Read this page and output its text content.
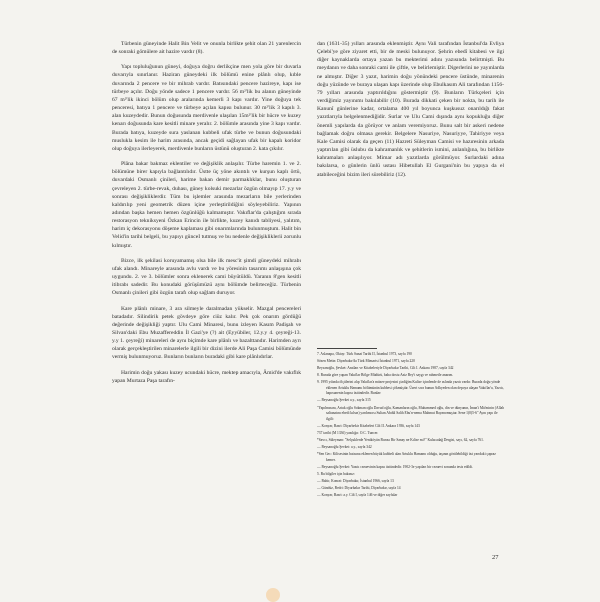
Türbenin güneyinde Halit Bin Velit ve onunla birlikte şehit olan 21 yarenlercin de sonraki gömülere ait hazire vardır (8).

Yapı topluluğunun güneyi, doğuya doğru derlikçine men yola göre bir duvarla duvarıyla sınırlanır. Haziran güneydeki ilk bölümü enine plânlı olup, kıble duvarında 2 pencere ve bir mihrab vardır. Batısındaki pencere hazireye, kapı ise türbeye açılır. Doğu yönde sadece 1 pencere vardır. 56 m²'lik bu alanın güneyinde 67 m²'lik ikinci bölüm olup aralarında kemerli 3 kapı vardır. Yine doğuya tek penceresi, batıya 1 pencere ve türbeye açılan kapısı bulunur. 30 m²'lik 3 kapılı 3. alan kuzeydedir. Bunun doğusunda merdivenle ulaşılan 15m²'lik bir hücre ve kuzey kenarı doğusunda kare kesitli minare yeralır. 2. bölümle arasında yine 3 kapı vardır. Burada batıya, kuzeyde sura yaslanan kubbeli ufak türbe ve bunun doğusundaki muslukla kesim ile harim arasında, ancak geçidi sağlayan ufak bir kapalı koridor olup doğuya ilerleyerek, merdivenle bunların üstünü oluşturan 2. kata çıkılır.

Plâna bakar bakmaz eklentiler ve değişiklik anlaşılır. Türbe haremin 1. ve 2. bölümüne birer kapıyla bağlantılıdır. Üstte üç yöne akıntılı ve kurşun kaplı örtü, duvardaki Osmanlı çinileri, harime bakan demir parmaklıklar, bunu oluşturan çevreleyen 2. türbe-revak, duhası, güney kolsuki mezarlar özgün olmayıp 17. y.y ve sonrası değişikliklerdir. Tüm bu işlemler arasında mezarların bile yerlerinden kaldırılıp yeni geometrik düzen içine yerleştirildiğini söyleyebiliriz. Yapının adından başka hemen hemen özgünlüğü kalmamıştır. Vakıflar'da çalıştığım sırada restorasyon tekniksyeni Özkan Erincin ile birlikte, kuzey kanıdı tabliyesi, yalıtım, harim iç dekorasyonu döşeme kaplaması gibi onarımlarında bulunmuştum. Halit bin Velid'in tarihi belgeli, bu yapıyı günceI tutmuş ve bu nedenle değişikliklerii zorunlu kılmıştır.

Bizce, ilk şekilasi koruyamamış olsa bile ilk mesc'it şimdi güneydeki mihrabı ufak alandı. Minareyle arasında avlu vardı ve bu yöresinin tasarımı anlaşışına çok uygundu. 2. ve 3. bölümler sonra eklenerek cami büyütüldü. Yaranın 8'gen kesitli itibrabı sadedir. Bu konudaki görüşümüzü aynı bölümde belirteceğiz. Türbenin Osmanlı çinileri gibi özgün tarafı olup sağlam duruyor.

Kare plânlı minare, 3 ara silmeyle daralmadan yükselir. Mazgal pencereleri batadadır. Silindirik petek gövdeye göre ciüz kalır. Pek çok onarım gördüğü değerinde değişikliği yaptır. Ulu Cami Minaresi, bunu izleyen Kasım Padişah ve Silvan'daki Ebu Muzaffereddin İl Gazi'ye (?) ait (Eyyübiler, 12.y.y 4. çeyreği-13. y.y 1. çeyreği) minareleri de aynı biçimde kare plânlı ve bazalttandır. Harimden ayrı olarak gerçekleştirilen minarelerle ilgili bir dizini ilerde Ali Paşa Camisi bölümünde vermiş bulunmuyoruz. Bunların bunların buradaki gibi kare plânlıdırlar.

Harimin doğu yakası kuzey ucundaki hücre, mektep amacıyla, Âmid'de vakıflık yapan Murtaza Paşa tarafın-

dan (1631-35) yılları arasında eklenmiştir. Aynı Vali tarafından İstanbul'da Evliya Çelebi'ye göre ziyaret etti, bir de meski bulunuyor. Şehrin ebedî kitabesi ve ilgi diğer kaynaklarda ortaya yazan bu mekterimi adını yazısında belirtmişti. Bu meydanın ve daha sonraki cami ile çiftle, ve belirlemiştir. Digerlerini ne yayınlarda ne almıştır. Diğer 3 yazıt, harimin doğu yönündeki pencere üstünde, minarenin doğu yüzünde ve buraya ulaşan kapı üzerinde olup Ebulkasım Ali tarafından 1156-79 yılları arasında yaptırıldığını göstermiştir (9). Bunların Türkçeleri için verdiğimiz yayınımı bakılabilir (10). Burada dikkati çeken bir nokta, bu tarih ile Kanunî günlerine kadar, ortalama 400 yıl boyunca kuşkusuz onarıldığı fakat yazıtlarıyla belgelenmediğidir. Surlar ve Ulu Cami dışında aynı kopukluğu diğer önemli yapılarda da görüyor ve anlam veremiyoruz. Bunu salt bir askeri nedene bağlamak doğru olmasa gerekir. Belgelere Nasuriye, Nasuriyye, Tahiriyye veya Kale Camisi olarak da geçen (11) Hazreti Süleyman Camisi ve hazıresinin arkada yaptırılan gibi üslubu da kahramanlık ve şehitlerin ismini, anlanlığına, bu birlikte kahramaları anlaşılıyor. Mimar adı yazıtlarda görülmüyor. Surlardaki adına bakılarsa, o günlerin ünlü ustası Hibetullah El Gurgani'nin bu yapıya da el atabileceğini bizim ileri sürebiliriz (12).

7. Aslanapa, Oktay: Türk Sanat Tarihi II, İstanbul 1973, sayfa 190

Sözen Metin: Diyarbakır'da Türk Mimarisi İstanbul 1971, sayfa 220

Beysanoğlu, Şevket: Anıtları ve Kitabeleriyle Diyarbakır Tarihi, Cilt I. Ankara 1987, sayfa 342

8. Burada göre yapan Vakıflar Bölge Müdürü, baba dostu Aziz Bey'i saygı ve rahmetle anarım.

9. 1995 yılında ölçülerini alıp Vakıflar'a müzee projesini çizdiğim Kulise içindende de aslında yazıtı vardır. Burada doğu yönde eklenen Artuklu Hamamı bölümünün kubbesi çökmüştür. Üzeri sıva bunun Adlıyeden olan depoya ulaşan Vakıflar'a, Yazıtı, hapısunenin kapısı üstündedir. Bunlar:

— Beysanoğlu Şevket a.y., sayfa 315

"Yapılmasını, Artuk oğlu Sokman oğlu Davud oğlu, Kamanların oğlu, Muhammed oğlu, din ve dünyanın, İman'i Mü'minin (Allah saltanatını ebedi kılsın) yardımcısı Sultan Abdül Salih Ebu'n-nema Mahmut Bayanomuştur. Sene 1(0)5-6" Aynı yapı ile ilgili:

— Konyar, Basri: Diyarbekir Kitabeleri Cilt II. Ankara 1936, sayfa 143

737 tarihi (M 1336) yazılığır. O.C. Tuncer.

*Savcı, Süleyman: "Selçuklerde Yeniköyün Burası Bir Sanay ne Kılise mi?" Kulacadağ Dergisi, sayı, 62, sayfa 761.

— Beysanoğlu Şevket: a.y., sayfa 342

*Sen Gec: Kilisesinin batısına eklenen büyük kubbeli alan Artuklu Hamamı olduğu, taşının görülebildiği üst yarıdaki çapraz kemer.

— Beysanoğlu Şevket: Yazıtı cezaevinin kapısı üstündedir. 1902-3e yapıları bir cezaevi sonunda tesis edildi.

5. Bu bilgiler için bakınız:

— Bahir, Konrat: Diyarbakır, İstanbul 1966, sayfa 13

— Gündüz, Bedri: Diyarbakır Tarihi, Diyarbakır, sayfa 14

— Konyar, Basri: a.y. Cilt I, sayfa 146 ve diğer sayfalar

27
